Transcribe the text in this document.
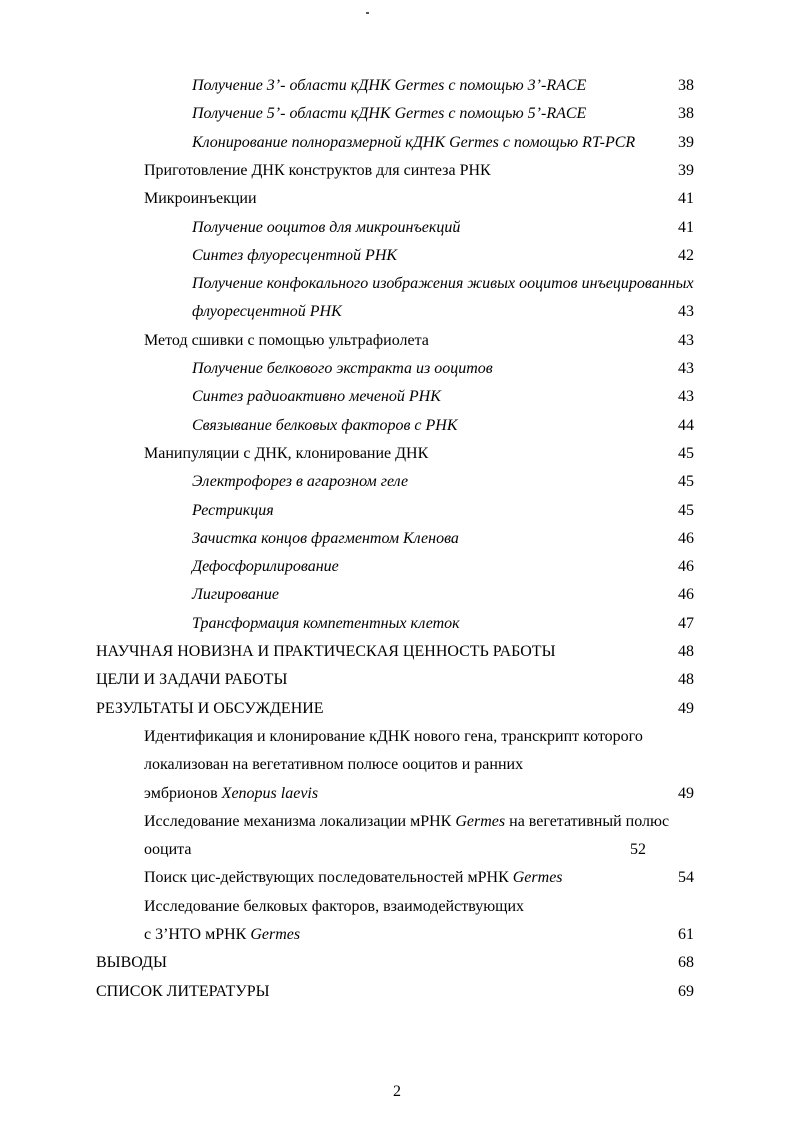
Получение 3’- области кДНК Germes с помощью 3’-RACE	38
Получение 5’- области кДНК Germes с помощью 5’-RACE	38
Клонирование полноразмерной кДНК Germes с помощью RT-PCR	39
Приготовление ДНК конструктов для синтеза РНК	39
Микроинъекции	41
Получение ооцитов для микроинъекций	41
Синтез флуоресцентной РНК	42
Получение конфокального изображения живых ооцитов инъецированных
флуоресцентной РНК	43
Метод сшивки с помощью ультрафиолета	43
Получение белкового экстракта из ооцитов	43
Синтез радиоактивно меченой РНК	43
Связывание белковых факторов с РНК	44
Манипуляции с ДНК, клонирование ДНК	45
Электрофорез в агарозном геле	45
Рестрикция	45
Зачистка концов фрагментом Кленова	46
Дефосфорилирование	46
Лигирование	46
Трансформация компетентных клеток	47
НАУЧНАЯ НОВИЗНА И ПРАКТИЧЕСКАЯ ЦЕННОСТЬ РАБОТЫ	48
ЦЕЛИ И ЗАДАЧИ РАБОТЫ	48
РЕЗУЛЬТАТЫ И ОБСУЖДЕНИЕ	49
Идентификация и клонирование кДНК нового гена, транскрипт которого
локализован на вегетативном полюсе ооцитов и ранних
эмбрионов Xenopus laevis	49
Исследование механизма локализации мРНК Germes на вегетативный полюс
ооцита	52
Поиск цис-действующих последовательностей мРНК Germes	54
Исследование белковых факторов, взаимодействующих
с 3’НТО мРНК Germes	61
ВЫВОДЫ	68
СПИСОК ЛИТЕРАТУРЫ	69
2
